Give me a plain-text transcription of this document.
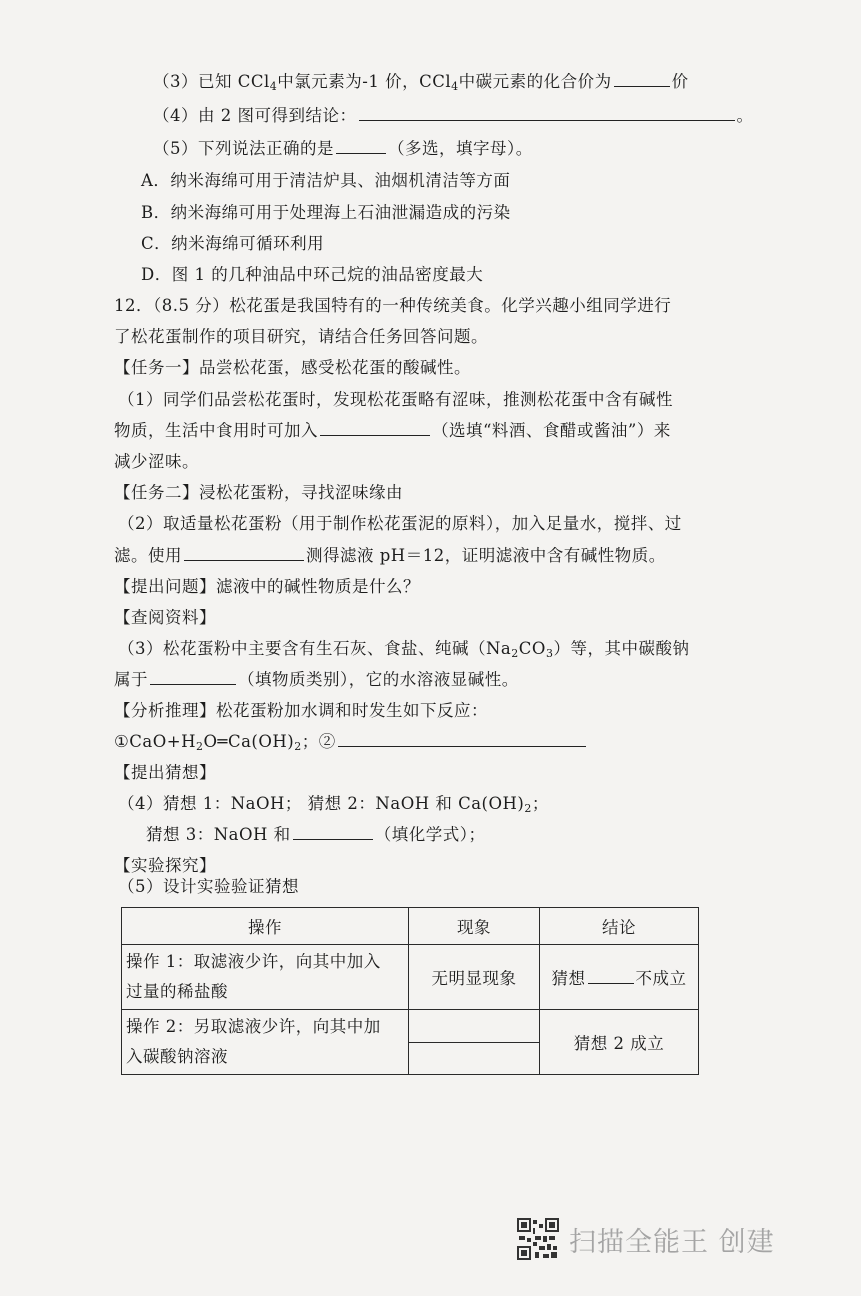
（3）已知 CCl$_4$中氯元素为-1 价，CCl$_4$中碳元素的化合价为	价
（4）由 2 图可得到结论：	。
（5）下列说法正确的是	（多选，填字母）。
A．纳米海绵可用于清洁炉具、油烟机清洁等方面
B．纳米海绵可用于处理海上石油泄漏造成的污染
C．纳米海绵可循环利用
D．图 1 的几种油品中环己烷的油品密度最大
12．（8.5 分）松花蛋是我国特有的一种传统美食。化学兴趣小组同学进行
了松花蛋制作的项目研究，请结合任务回答问题。
【任务一】品尝松花蛋，感受松花蛋的酸碱性。
（1）同学们品尝松花蛋时，发现松花蛋略有涩味，推测松花蛋中含有碱性
物质，生活中食用时可加入	（选填“料酒、食醋或酱油”）来
减少涩味。
【任务二】浸松花蛋粉，寻找涩味缘由
（2）取适量松花蛋粉（用于制作松花蛋泥的原料），加入足量水，搅拌、过
滤。使用	测得滤液 pH＝12，证明滤液中含有碱性物质。
【提出问题】滤液中的碱性物质是什么？
【查阅资料】
（3）松花蛋粉中主要含有生石灰、食盐、纯碱$(Na_2CO_3)$等，其中碳酸钠
属于	（填物质类别），它的水溶液显碱性。
【分析推理】松花蛋粉加水调和时发生如下反应：
$①CaO+H_2O═Ca(OH)_2$；②
【提出猜想】
（4）猜想 1：NaOH； 猜想 2：NaOH 和 $Ca(OH)_2$；
猜想 3：NaOH 和	（填化学式）；
【实验探究】
（5）设计实验验证猜想
操作	现象	结论

操作 1：取滤液少许，向其中加入
过量的稀盐酸	无明显现象	猜想 不成立

操作 2：另取滤液少许，向其中加
入碳酸钠溶液		猜想 2 成立
扫描全能王 创建
